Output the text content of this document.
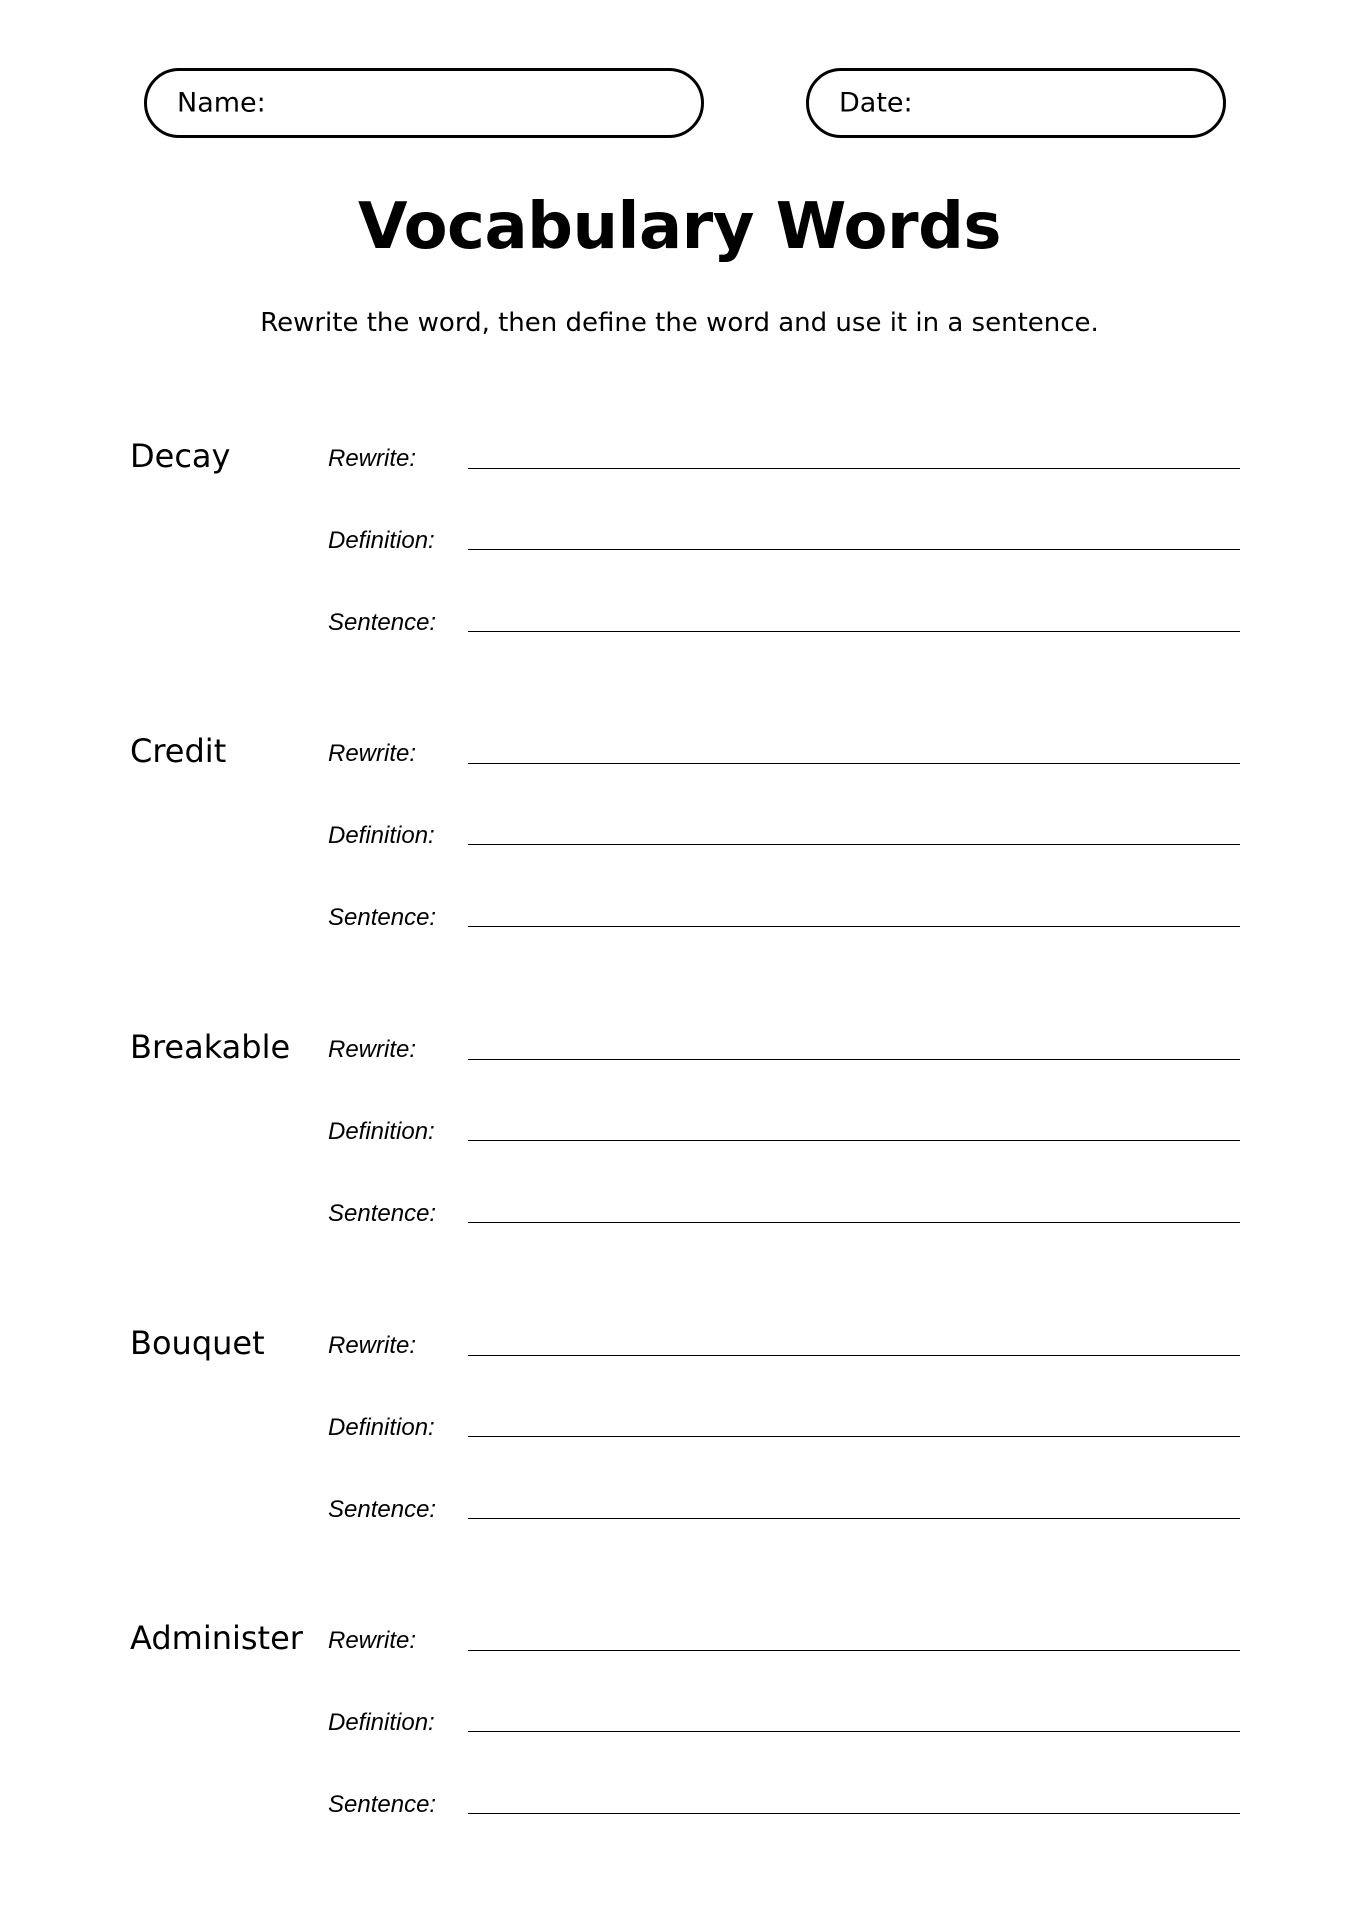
Name:	Date:
Vocabulary Words
Rewrite the word, then define the word and use it in a sentence.
Decay	Rewrite:
Definition:
Sentence:
Credit	Rewrite:
Definition:
Sentence:
Breakable Rewrite:
Definition:
Sentence:
Bouquet	Rewrite:
Definition:
Sentence:
Administer Rewrite:
Definition:
Sentence:
